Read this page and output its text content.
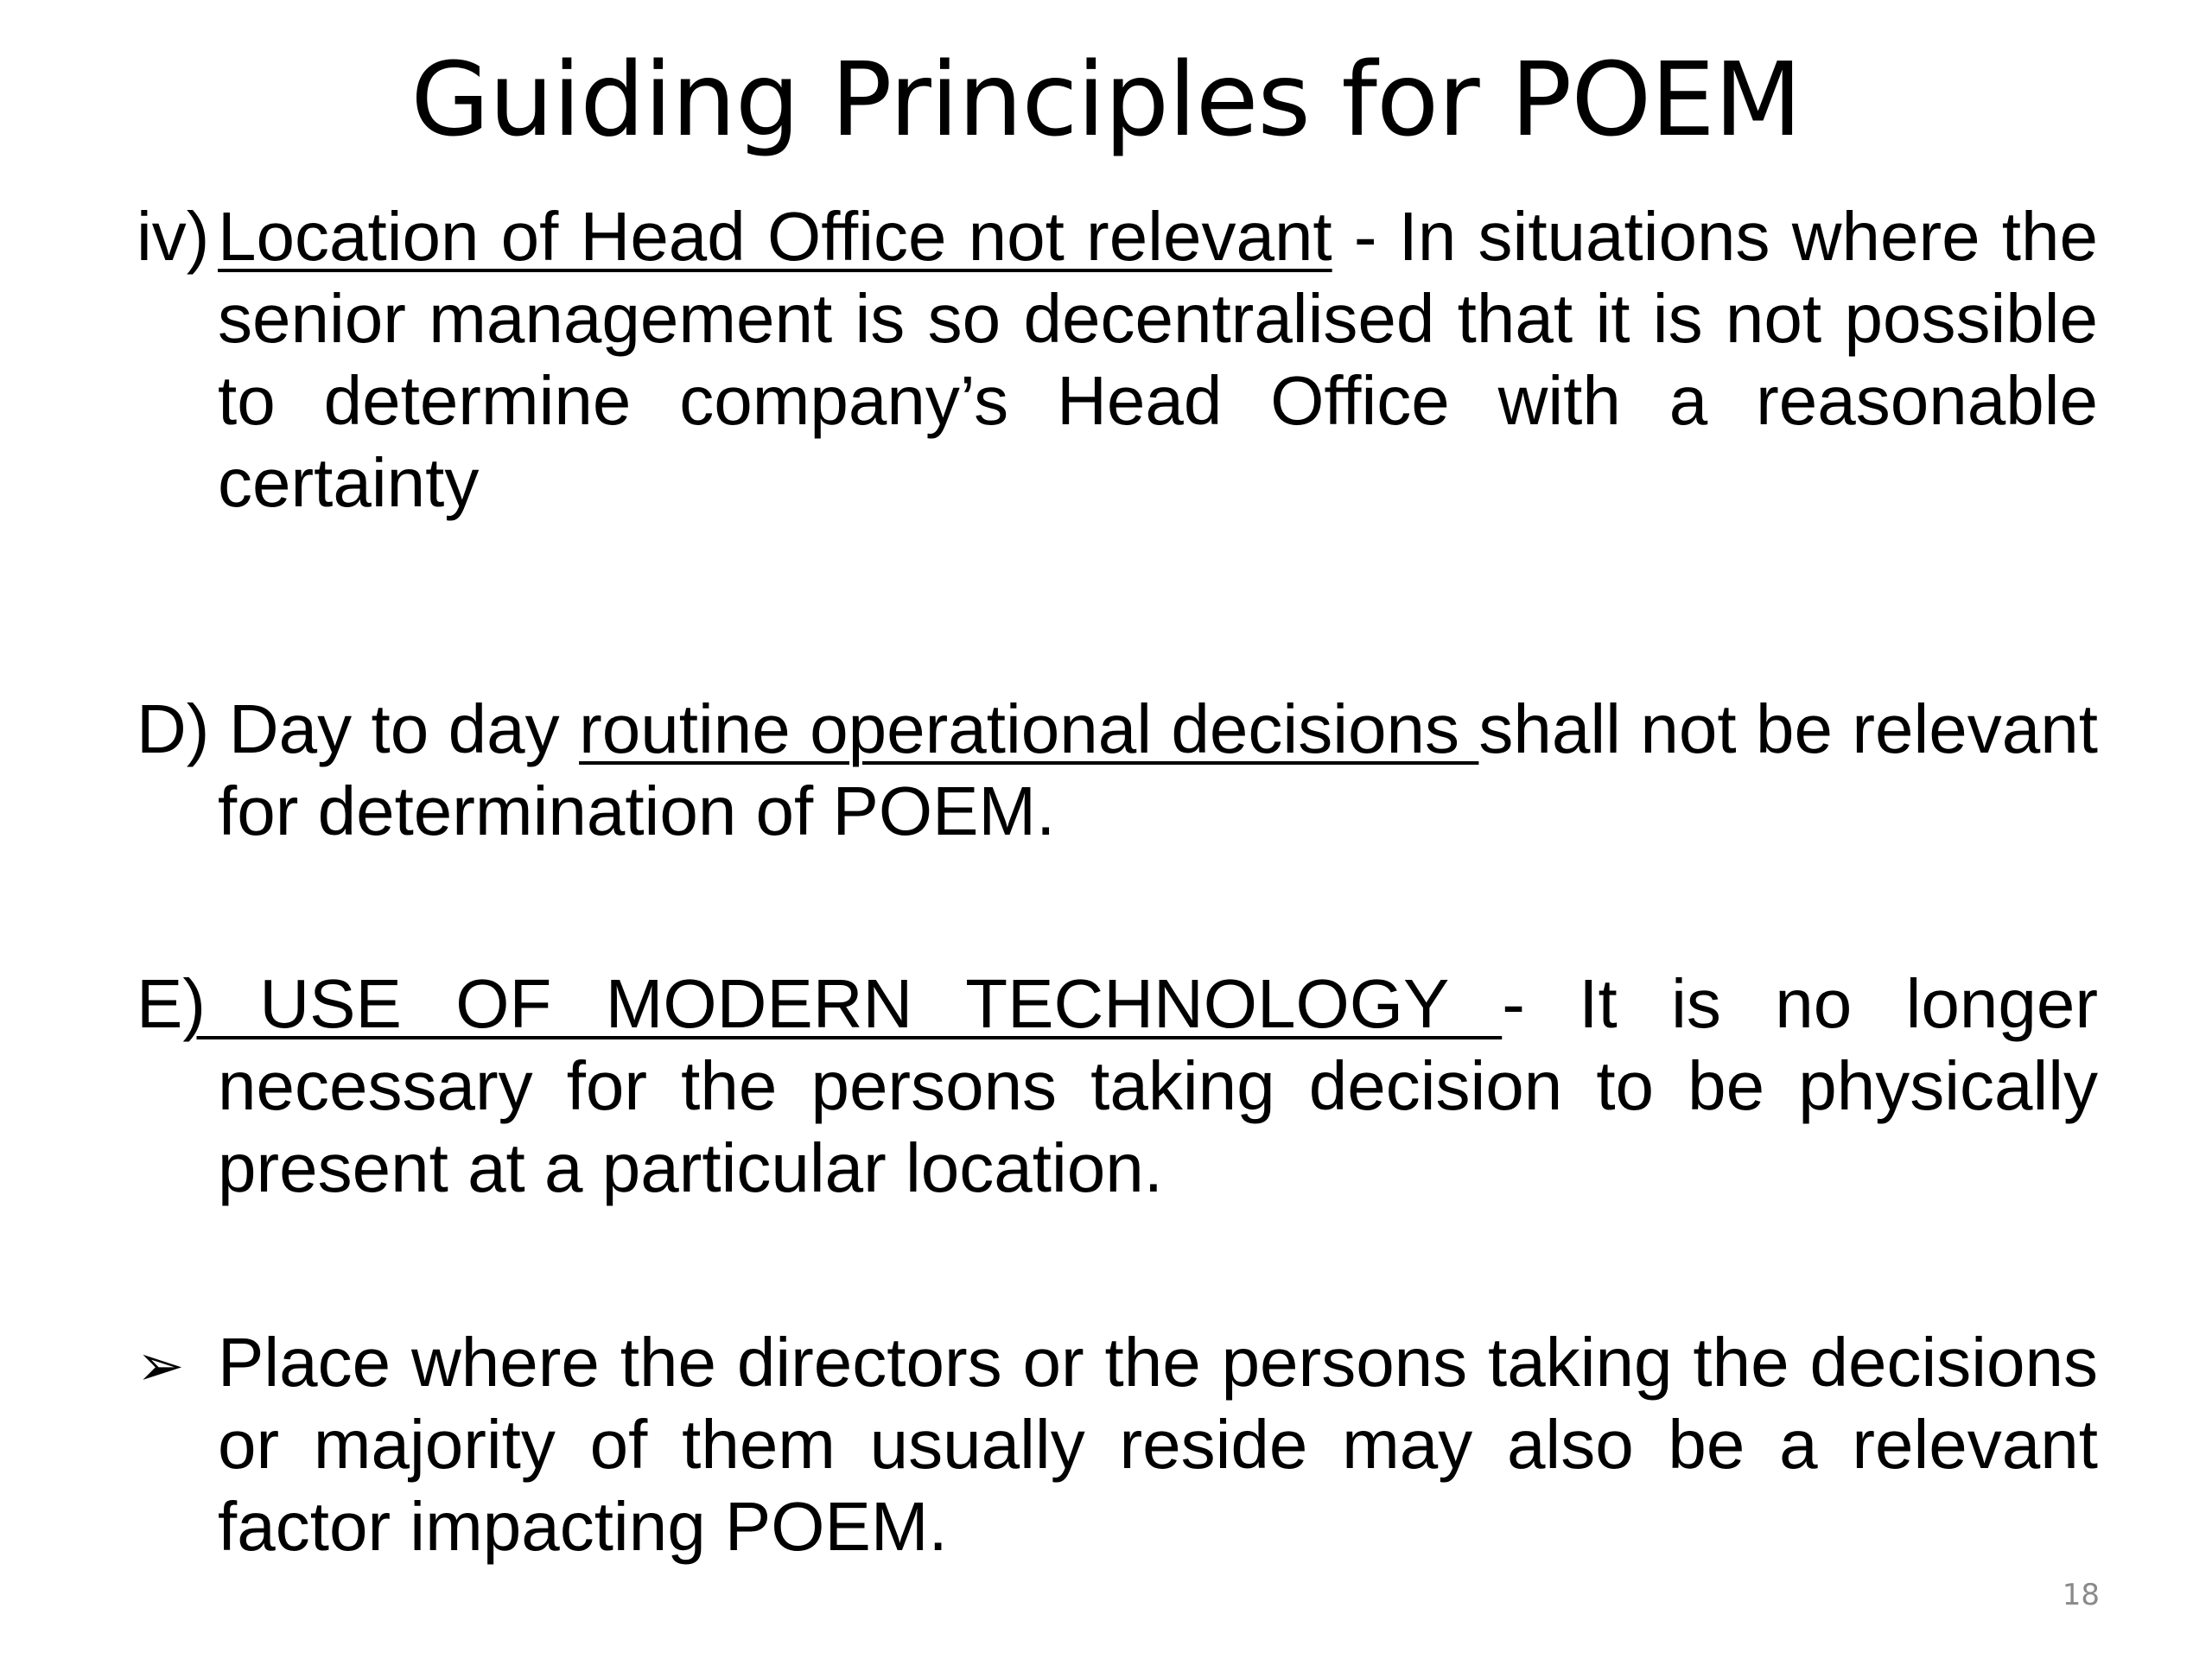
Guiding Principles for POEM

iv) Location of Head Office not relevant - In situations where the senior management is so decentralised that it is not possible to determine company’s Head Office with a reasonable certainty

D) Day to day routine operational decisions shall not be relevant for determination of POEM.

E) USE OF MODERN TECHNOLOGY - It is no longer necessary for the persons taking decision to be physically present at a particular location.

➢ Place where the directors or the persons taking the decisions or majority of them usually reside may also be a relevant factor impacting POEM.

18
